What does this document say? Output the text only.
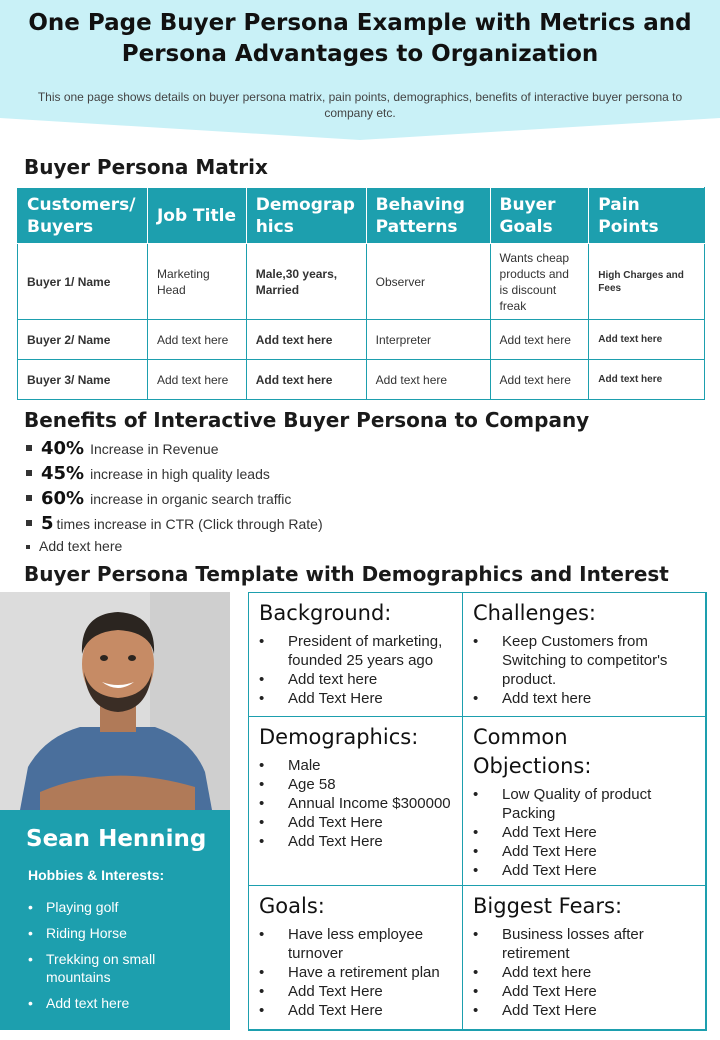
One Page Buyer Persona Example with Metrics and Persona Advantages to Organization
This one page shows details on buyer persona matrix, pain points, demographics, benefits of interactive buyer persona to company etc.
Buyer Persona Matrix
Customers/ Buyers	Job Title	Demograp hics	Behaving Patterns	Buyer Goals	Pain Points
Buyer 1/ Name	Marketing Head	Male,30 years, Married	Observer	Wants cheap products and is discount freak	High Charges and Fees
Buyer 2/ Name	Add text here	Add text here	Interpreter	Add text here	Add text here
Buyer 3/ Name	Add text here	Add text here	Add text here	Add text here	Add text here
Benefits of Interactive Buyer Persona to Company
40% Increase in Revenue
45% increase in high quality leads
60% increase in organic search traffic
5 times increase in CTR (Click through Rate)
Add text here
Buyer Persona Template with Demographics and Interest
Sean Henning
Hobbies & Interests:
• Playing golf
• Riding Horse
• Trekking on small mountains
• Add text here
Background:
• President of marketing, founded 25 years ago
• Add text here
• Add Text Here
Challenges:
• Keep Customers from Switching to competitor's product.
• Add text here
Demographics:
• Male
• Age 58
• Annual Income $300000
• Add Text Here
• Add Text Here
Common Objections:
• Low Quality of product Packing
• Add Text Here
• Add Text Here
• Add Text Here
Goals:
• Have less employee turnover
• Have a retirement plan
• Add Text Here
• Add Text Here
Biggest Fears:
• Business losses after retirement
• Add text here
• Add Text Here
• Add Text Here
